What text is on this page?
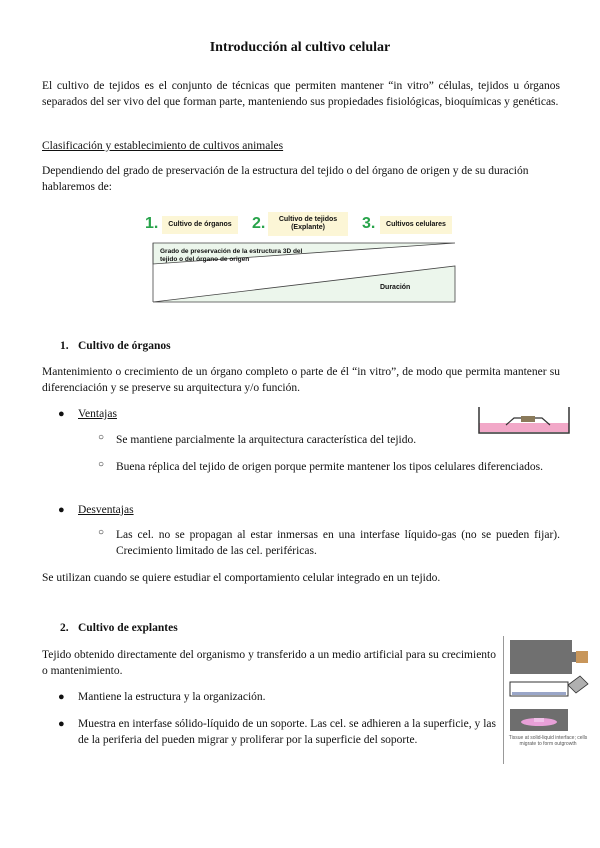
Introducción al cultivo celular
El cultivo de tejidos es el conjunto de técnicas que permiten mantener “in vitro” células, tejidos u órganos separados del ser vivo del que forman parte, manteniendo sus propiedades fisiológicas, bioquímicas y genéticas.
Clasificación y establecimiento de cultivos animales
Dependiendo del grado de preservación de la estructura del tejido o del órgano de origen y de su duración hablaremos de:
1.	Cultivo de órganos	2.	Cultivo de tejidos (Explante)	3.	Cultivos celulares
Grado de preservación de la estructura 3D del tejido o del órgano de origen
Duración
1. Cultivo de órganos
Mantenimiento o crecimiento de un órgano completo o parte de él “in vitro”, de modo que permita mantener su diferenciación y se preserve su arquitectura y/o función.
● Ventajas
○ Se mantiene parcialmente la arquitectura característica del tejido.
○ Buena réplica del tejido de origen porque permite mantener los tipos celulares diferenciados.
● Desventajas
○ Las cel. no se propagan al estar inmersas en una interfase líquido-gas (no se pueden fijar). Crecimiento limitado de las cel. periféricas.
Se utilizan cuando se quiere estudiar el comportamiento celular integrado en un tejido.
2. Cultivo de explantes
Tejido obtenido directamente del organismo y transferido a un medio artificial para su crecimiento o mantenimiento.
● Mantiene la estructura y la organización.
● Muestra en interfase sólido-líquido de un soporte. Las cel. se adhieren a la superficie, y las de la periferia del pueden migrar y proliferar por la superficie del soporte.	Tissue at solid-liquid interface; cells migrate to form outgrowth
